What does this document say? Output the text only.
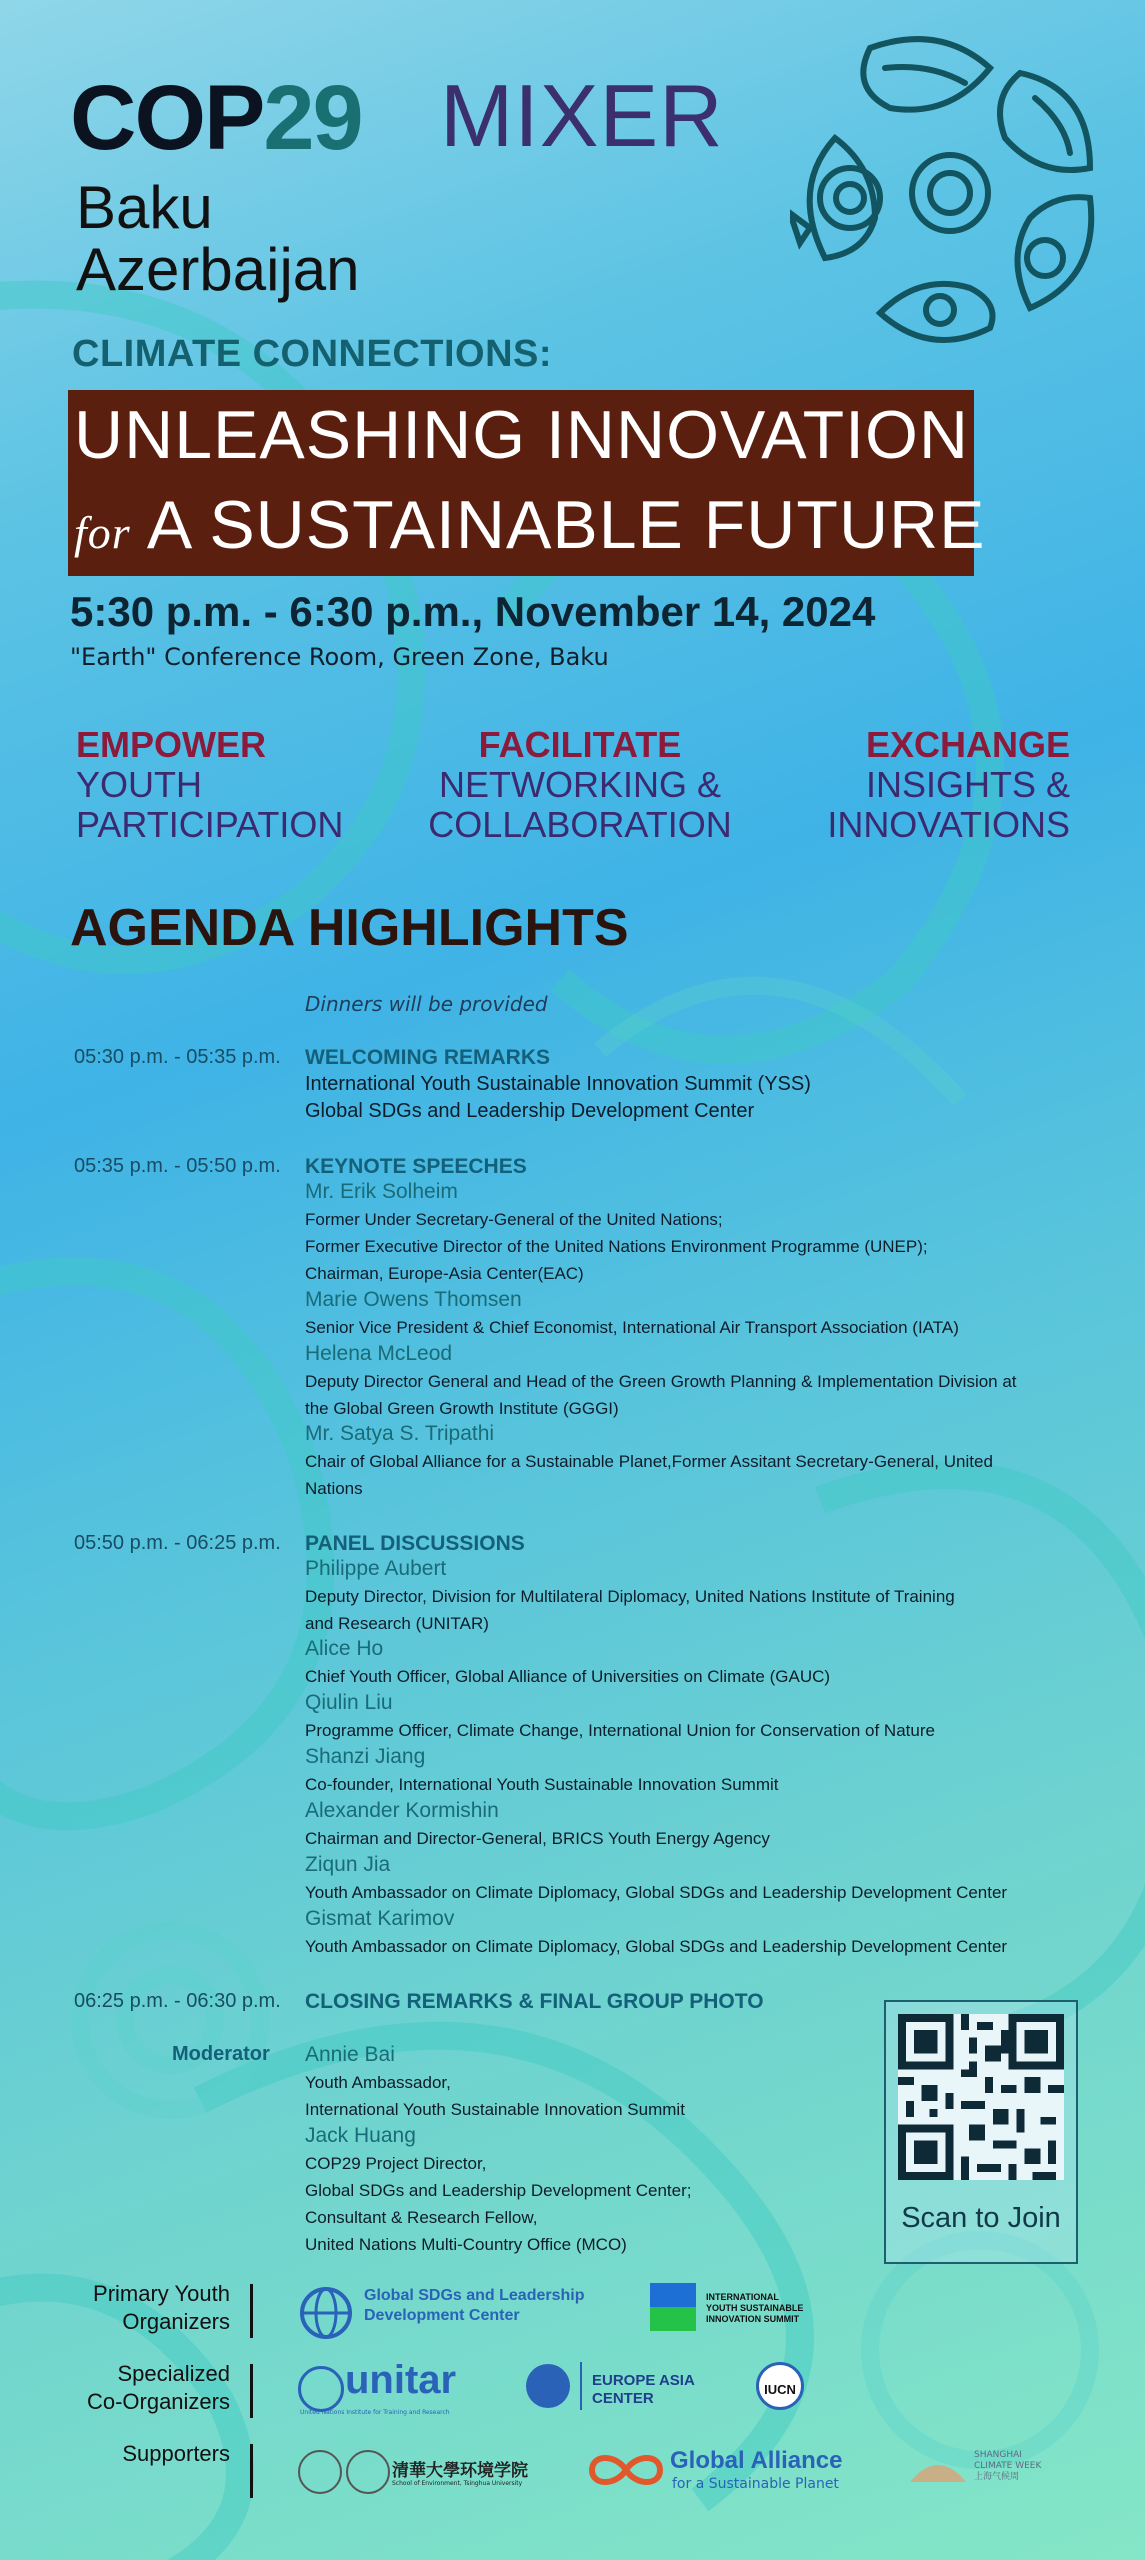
COP29 MIXER
Baku
Azerbaijan
CLIMATE CONNECTIONS:
UNLEASHING INNOVATION
for A SUSTAINABLE FUTURE
5:30 p.m. - 6:30 p.m., November 14, 2024
"Earth" Conference Room, Green Zone, Baku
EMPOWER
YOUTH
PARTICIPATION
FACILITATE
NETWORKING &
COLLABORATION
EXCHANGE
INSIGHTS &
INNOVATIONS
AGENDA HIGHLIGHTS
Dinners will be provided
05:30 p.m. - 05:35 p.m. WELCOMING REMARKS
International Youth Sustainable Innovation Summit (YSS)
Global SDGs and Leadership Development Center
05:35 p.m. - 05:50 p.m. KEYNOTE SPEECHES
Mr. Erik Solheim
Former Under Secretary-General of the United Nations;
Former Executive Director of the United Nations Environment Programme (UNEP);
Chairman, Europe-Asia Center(EAC)
Marie Owens Thomsen
Senior Vice President & Chief Economist, International Air Transport Association (IATA)
Helena McLeod
Deputy Director General and Head of the Green Growth Planning & Implementation Division at
the Global Green Growth Institute (GGGI)
Mr. Satya S. Tripathi
Chair of Global Alliance for a Sustainable Planet,Former Assitant Secretary-General, United
Nations
05:50 p.m. - 06:25 p.m. PANEL DISCUSSIONS
Philippe Aubert
Deputy Director, Division for Multilateral Diplomacy, United Nations Institute of Training
and Research (UNITAR)
Alice Ho
Chief Youth Officer, Global Alliance of Universities on Climate (GAUC)
Qiulin Liu
Programme Officer, Climate Change, International Union for Conservation of Nature
Shanzi Jiang
Co-founder, International Youth Sustainable Innovation Summit
Alexander Kormishin
Chairman and Director-General, BRICS Youth Energy Agency
Ziqun Jia
Youth Ambassador on Climate Diplomacy, Global SDGs and Leadership Development Center
Gismat Karimov
Youth Ambassador on Climate Diplomacy, Global SDGs and Leadership Development Center
06:25 p.m. - 06:30 p.m. CLOSING REMARKS & FINAL GROUP PHOTO
Moderator Annie Bai
Youth Ambassador,
International Youth Sustainable Innovation Summit
Jack Huang
COP29 Project Director,
Global SDGs and Leadership Development Center;
Consultant & Research Fellow,
United Nations Multi-Country Office (MCO)
Scan to Join
Primary Youth
Organizers
Global SDGs and Leadership
Development Center
INTERNATIONAL
YOUTH SUSTAINABLE
INNOVATION SUMMIT
Specialized
Co-Organizers	unitar
United Nations Institute for Training and Research
EUROPE ASIA
CENTER
IUCN
Supporters
清華大學环境学院
School of Environment, Tsinghua University
Global Alliance
for a Sustainable Planet
SHANGHAI
CLIMATE WEEK
上海气候周
